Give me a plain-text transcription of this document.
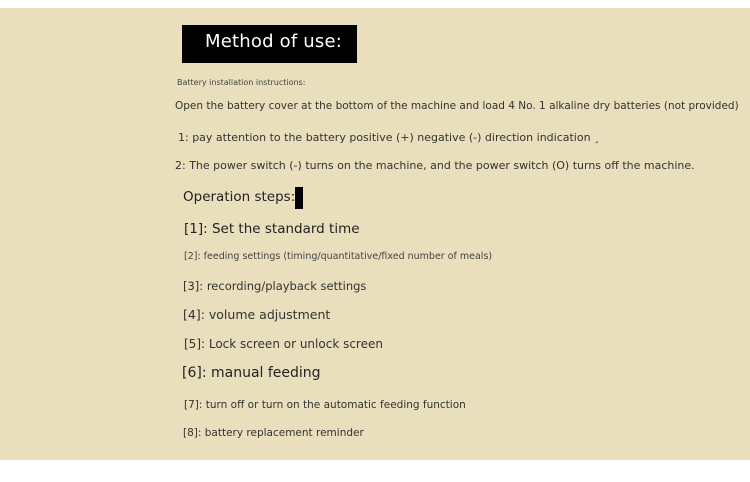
Method of use:
Battery installation instructions:
Open the battery cover at the bottom of the machine and load 4 No. 1 alkaline dry batteries (not provided)
1: pay attention to the battery positive (+) negative (-) direction indication ¸
2: The power switch (-) turns on the machine, and the power switch (O) turns off the machine.
Operation steps:
[1]: Set the standard time
[2]: feeding settings (timing/quantitative/fixed number of meals)
[3]: recording/playback settings
[4]: volume adjustment
[5]: Lock screen or unlock screen
[6]: manual feeding
[7]: turn off or turn on the automatic feeding function
[8]: battery replacement reminder
